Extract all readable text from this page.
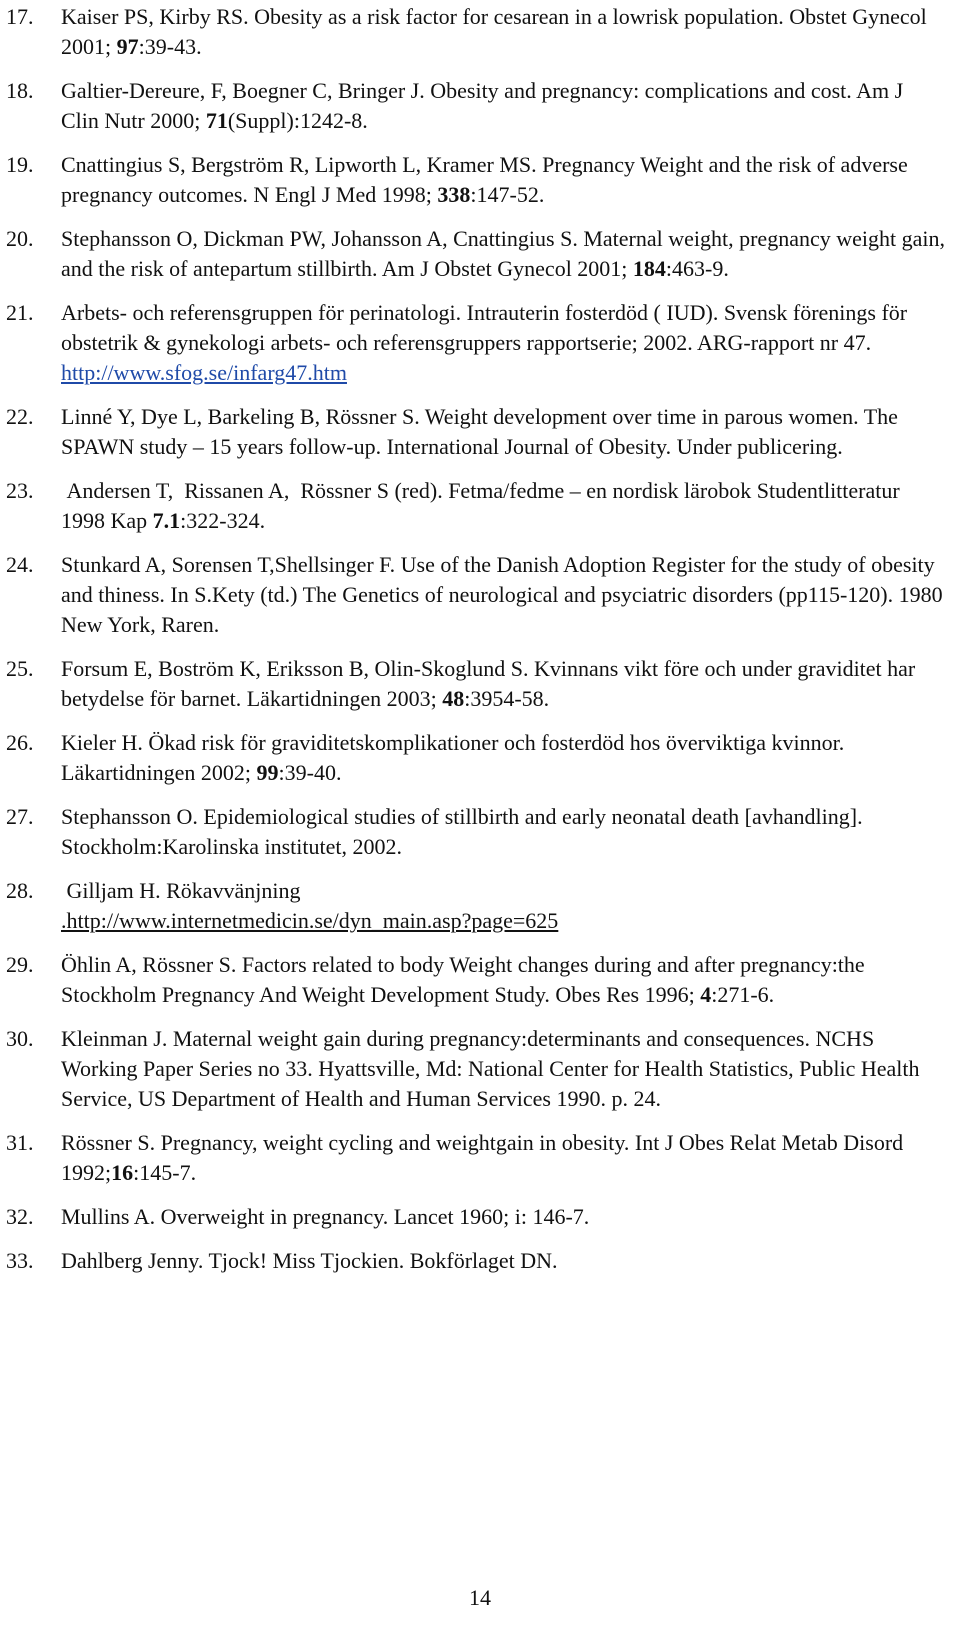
17.	Kaiser PS, Kirby RS. Obesity as a risk factor for cesarean in a lowrisk population. Obstet Gynecol  2001; 97:39-43.
18.	Galtier-Dereure, F, Boegner C, Bringer J. Obesity and pregnancy: complications and cost. Am J Clin Nutr 2000; 71(Suppl):1242-8.
19.	Cnattingius S, Bergström R, Lipworth L, Kramer MS. Pregnancy Weight and the risk of adverse pregnancy outcomes. N Engl J Med 1998; 338:147-52.
20.	Stephansson O, Dickman PW, Johansson A, Cnattingius S. Maternal weight, pregnancy weight gain, and the risk of antepartum stillbirth. Am J Obstet Gynecol 2001; 184:463-9.
21.	Arbets- och referensgruppen för perinatologi. Intrauterin fosterdöd ( IUD). Svensk förenings för obstetrik & gynekologi arbets- och referensgruppers rapportserie; 2002. ARG-rapport nr 47. http://www.sfog.se/infarg47.htm
22.	Linné Y, Dye L, Barkeling B, Rössner S. Weight development over time in parous women. The SPAWN study – 15 years follow-up. International Journal of Obesity. Under publicering.
23.	Andersen T,  Rissanen A,  Rössner S (red). Fetma/fedme – en nordisk lärobok Studentlitteratur 1998 Kap 7.1:322-324.
24.	Stunkard A, Sorensen T,Shellsinger F. Use of the Danish Adoption Register for the study of obesity and thiness. In S.Kety (td.) The Genetics of neurological and psyciatric disorders (pp115-120). 1980 New York, Raren.
25.	Forsum E, Boström K, Eriksson B, Olin-Skoglund S. Kvinnans vikt före och under graviditet har betydelse för barnet. Läkartidningen 2003; 48:3954-58.
26.	Kieler H. Ökad risk för graviditetskomplikationer och fosterdöd hos överviktiga kvinnor. Läkartidningen 2002; 99:39-40.
27.	Stephansson O. Epidemiological studies of stillbirth and early neonatal death [avhandling]. Stockholm:Karolinska institutet, 2002.
28.	Gilljam H. Rökavvänjning
.http://www.internetmedicin.se/dyn_main.asp?page=625
29.	Öhlin A, Rössner S. Factors related to body Weight changes during and after pregnancy:the Stockholm Pregnancy And Weight Development Study. Obes Res 1996; 4:271-6.
30.	Kleinman J. Maternal weight gain during pregnancy:determinants and consequences. NCHS Working Paper Series no 33. Hyattsville, Md: National Center for Health Statistics, Public Health Service, US Department of Health and Human Services 1990. p. 24.
31.	Rössner S. Pregnancy, weight cycling and weightgain in obesity. Int J Obes Relat Metab Disord 1992;16:145-7.
32.	Mullins A. Overweight in pregnancy. Lancet 1960; i: 146-7.
33.	Dahlberg Jenny. Tjock! Miss Tjockien. Bokförlaget DN.
14
